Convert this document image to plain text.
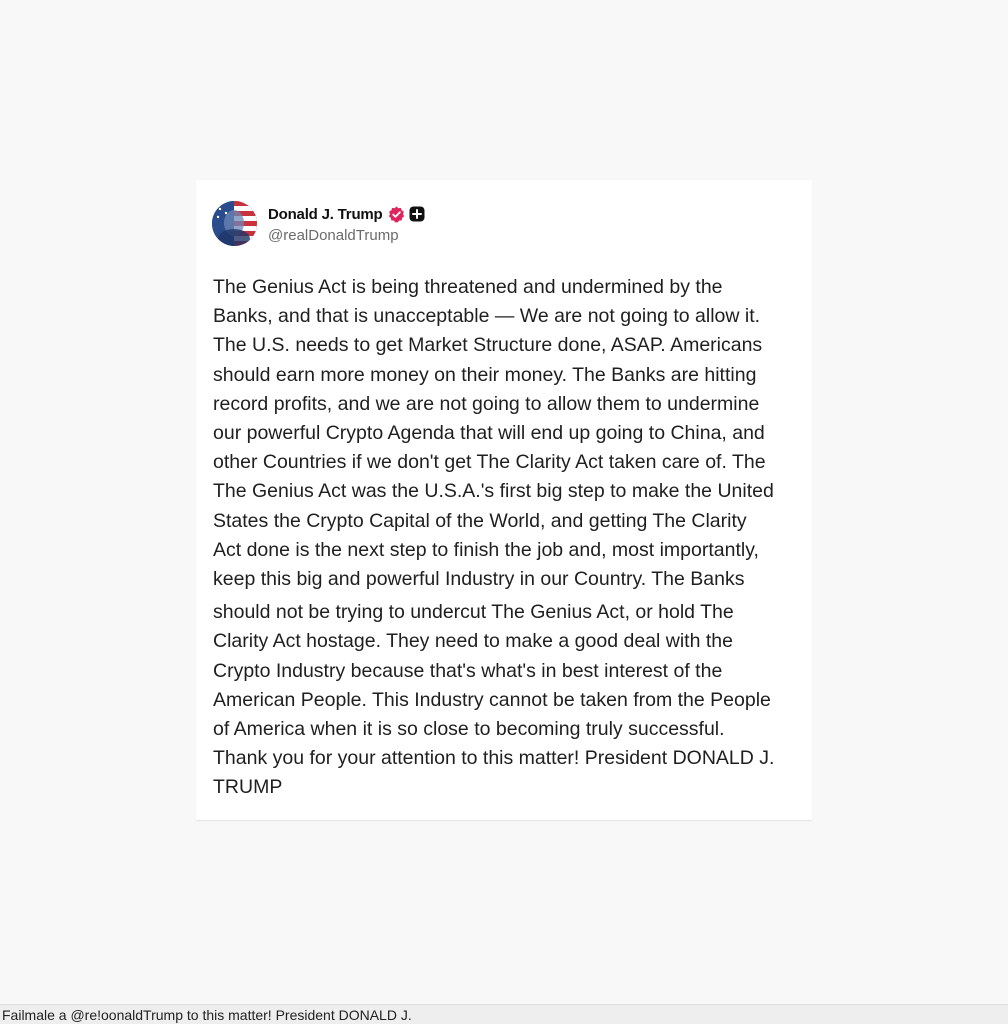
Donald J. Trump
@realDonaldTrump

The Genius Act is being threatened and undermined by the
Banks, and that is unacceptable — We are not going to allow it.
The U.S. needs to get Market Structure done, ASAP. Americans
should earn more money on their money. The Banks are hitting
record profits, and we are not going to allow them to undermine
our powerful Crypto Agenda that will end up going to China, and
other Countries if we don't get The Clarity Act taken care of. The
The Genius Act was the U.S.A.'s first big step to make the United
States the Crypto Capital of the World, and getting The Clarity
Act done is the next step to finish the job and, most importantly,
keep this big and powerful Industry in our Country. The Banks

should not be trying to undercut The Genius Act, or hold The
Clarity Act hostage. They need to make a good deal with the
Crypto Industry because that's what's in best interest of the
American People. This Industry cannot be taken from the People
of America when it is so close to becoming truly successful.
Thank you for your attention to this matter! President DONALD J.
TRUMP

Failmale a @re!oonaldTrump to this matter! President DONALD J.
